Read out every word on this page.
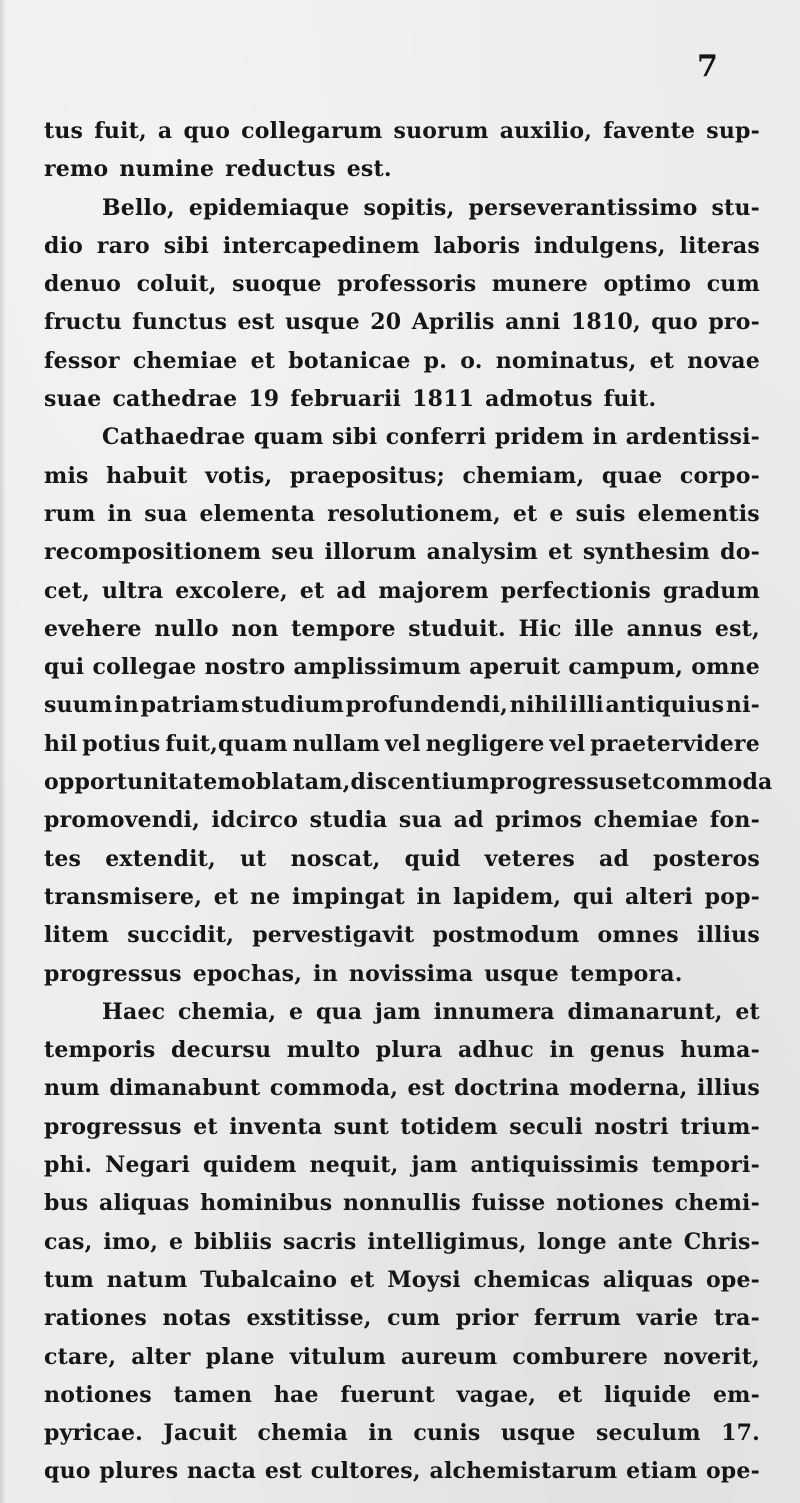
7
tus fuit, a quo collegarum suorum auxilio, favente sup-
remo numine reductus est.
Bello, epidemiaque sopitis, perseverantissimo stu-
dio raro sibi intercapedinem laboris indulgens, literas
denuo coluit, suoque professoris munere optimo cum
fructu functus est usque 20 Aprilis anni 1810, quo pro-
fessor chemiae et botanicae p. o. nominatus, et novae
suae cathedrae 19 februarii 1811 admotus fuit.
Cathaedrae quam sibi conferri pridem in ardentissi-
mis habuit votis, praepositus; chemiam, quae corpo-
rum in sua elementa resolutionem, et e suis elementis
recompositionem seu illorum analysim et synthesim do-
cet, ultra excolere, et ad majorem perfectionis gradum
evehere nullo non tempore studuit. Hic ille annus est,
qui collegae nostro amplissimum aperuit campum, omne
suum in patriam studium profundendi, nihil illi antiquius ni-
hil potius fuit,quam nullam vel negligere vel praetervidere
opportunitatem oblatam, discentium progressus et commoda
promovendi, idcirco studia sua ad primos chemiae fon-
tes extendit, ut noscat, quid veteres ad posteros
transmisere, et ne impingat in lapidem, qui alteri pop-
litem succidit, pervestigavit postmodum omnes illius
progressus epochas, in novissima usque tempora.
Haec chemia, e qua jam innumera dimanarunt, et
temporis decursu multo plura adhuc in genus huma-
num dimanabunt commoda, est doctrina moderna, illius
progressus et inventa sunt totidem seculi nostri trium-
phi. Negari quidem nequit, jam antiquissimis tempori-
bus aliquas hominibus nonnullis fuisse notiones chemi-
cas, imo, e bibliis sacris intelligimus, longe ante Chris-
tum natum Tubalcaino et Moysi chemicas aliquas ope-
rationes notas exstitisse, cum prior ferrum varie tra-
ctare, alter plane vitulum aureum comburere noverit,
notiones tamen hae fuerunt vagae, et liquide em-
pyricae. Jacuit chemia in cunis usque seculum 17.
quo plures nacta est cultores, alchemistarum etiam ope-
